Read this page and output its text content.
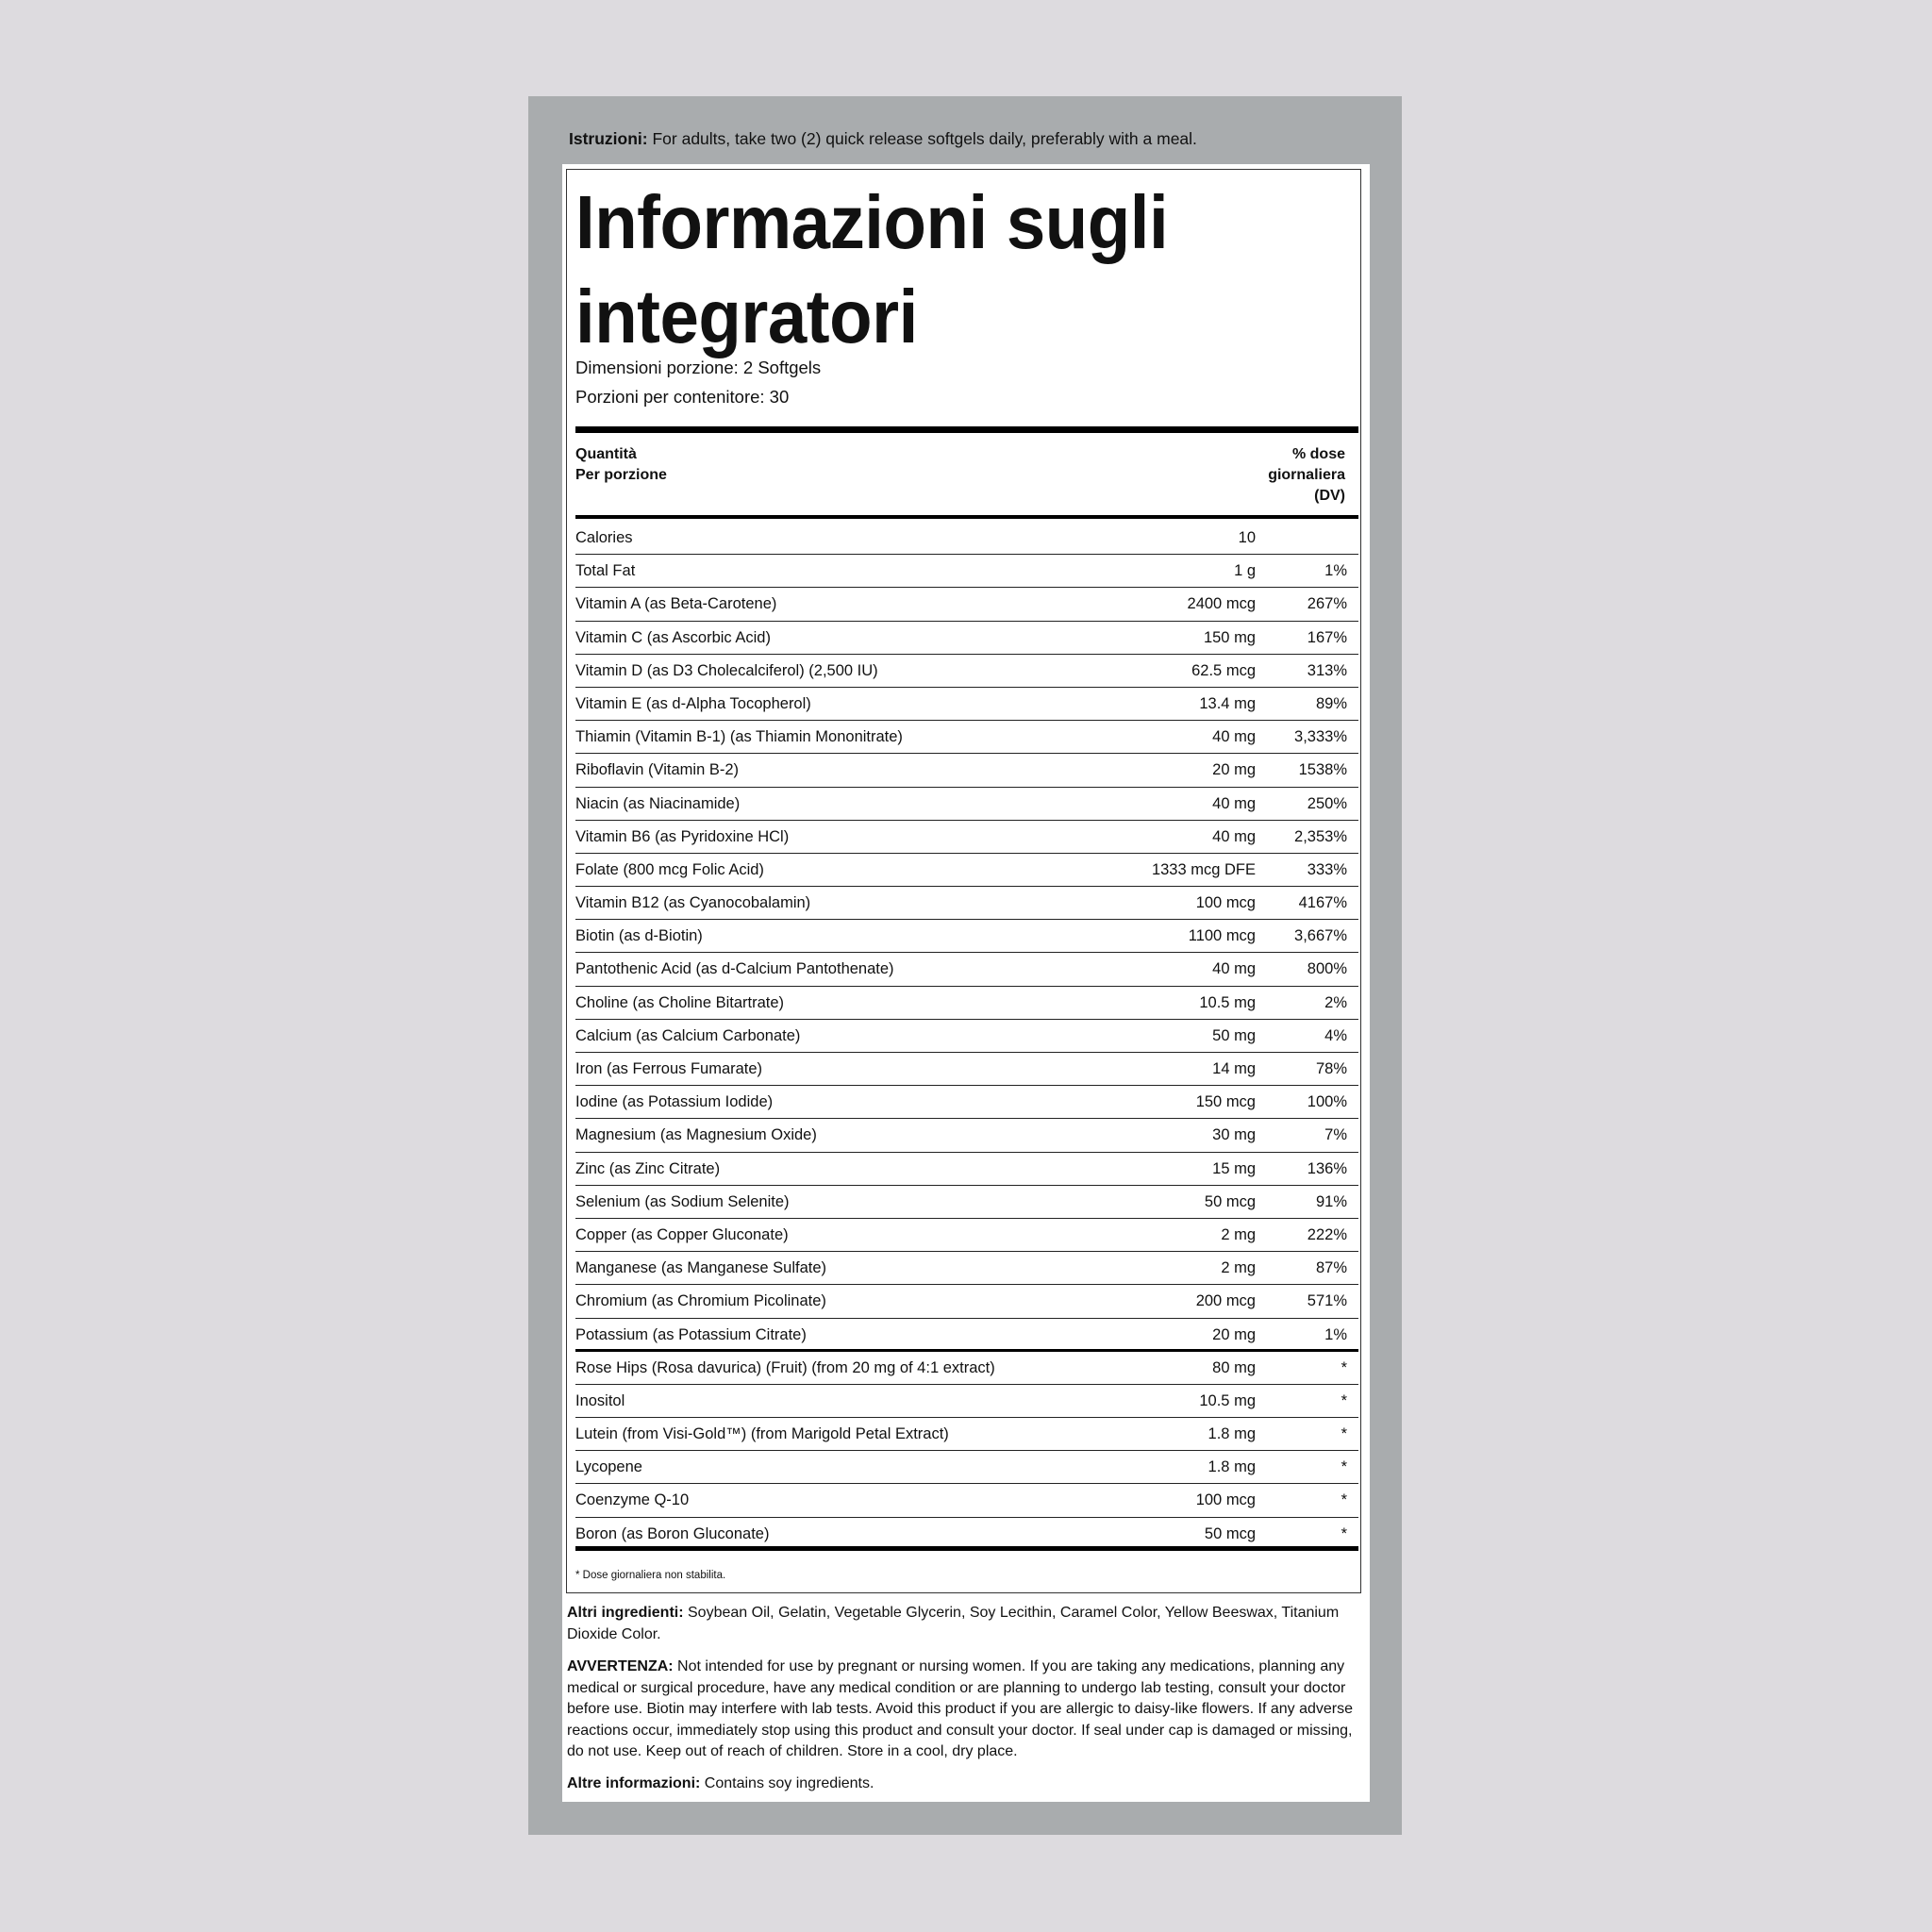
Istruzioni: For adults, take two (2) quick release softgels daily, preferably with a meal.
Informazioni sugli
integratori
Dimensioni porzione: 2 Softgels
Porzioni per contenitore: 30
Quantità
Per porzione
% dose
giornaliera
(DV)
Calories	10
Total Fat	1 g	1%
Vitamin A (as Beta-Carotene)	2400 mcg	267%
Vitamin C (as Ascorbic Acid)	150 mg	167%
Vitamin D (as D3 Cholecalciferol) (2,500 IU)	62.5 mcg	313%
Vitamin E (as d-Alpha Tocopherol)	13.4 mg	89%
Thiamin (Vitamin B-1) (as Thiamin Mononitrate)	40 mg 3,333%
Riboflavin (Vitamin B-2)	20 mg	1538%
Niacin (as Niacinamide)	40 mg	250%
Vitamin B6 (as Pyridoxine HCl)	40 mg 2,353%
Folate (800 mcg Folic Acid)	1333 mcg DFE	333%
Vitamin B12 (as Cyanocobalamin)	100 mcg	4167%
Biotin (as d-Biotin)	1100 mcg 3,667%
Pantothenic Acid (as d-Calcium Pantothenate)	40 mg	800%
Choline (as Choline Bitartrate)	10.5 mg	2%
Calcium (as Calcium Carbonate)	50 mg	4%
Iron (as Ferrous Fumarate)	14 mg	78%
Iodine (as Potassium Iodide)	150 mcg	100%
Magnesium (as Magnesium Oxide)	30 mg	7%
Zinc (as Zinc Citrate)	15 mg	136%
Selenium (as Sodium Selenite)	50 mcg	91%
Copper (as Copper Gluconate)	2 mg	222%
Manganese (as Manganese Sulfate)	2 mg	87%
Chromium (as Chromium Picolinate)	200 mcg	571%
Potassium (as Potassium Citrate)	20 mg	1%
Rose Hips (Rosa davurica) (Fruit) (from 20 mg of 4:1 extract)	80 mg	*
Inositol	10.5 mg	*
Lutein (from Visi-Gold™) (from Marigold Petal Extract)	1.8 mg	*
Lycopene	1.8 mg	*
Coenzyme Q-10	100 mcg	*
Boron (as Boron Gluconate)	50 mcg	*
* Dose giornaliera non stabilita.
Altri ingredienti: Soybean Oil, Gelatin, Vegetable Glycerin, Soy Lecithin, Caramel Color, Yellow Beeswax, Titanium Dioxide Color.
AVVERTENZA: Not intended for use by pregnant or nursing women. If you are taking any medications, planning any medical or surgical procedure, have any medical condition or are planning to undergo lab testing, consult your doctor before use. Biotin may interfere with lab tests. Avoid this product if you are allergic to daisy-like flowers. If any adverse reactions occur, immediately stop using this product and consult your doctor. If seal under cap is damaged or missing, do not use. Keep out of reach of children. Store in a cool, dry place.
Altre informazioni: Contains soy ingredients.
